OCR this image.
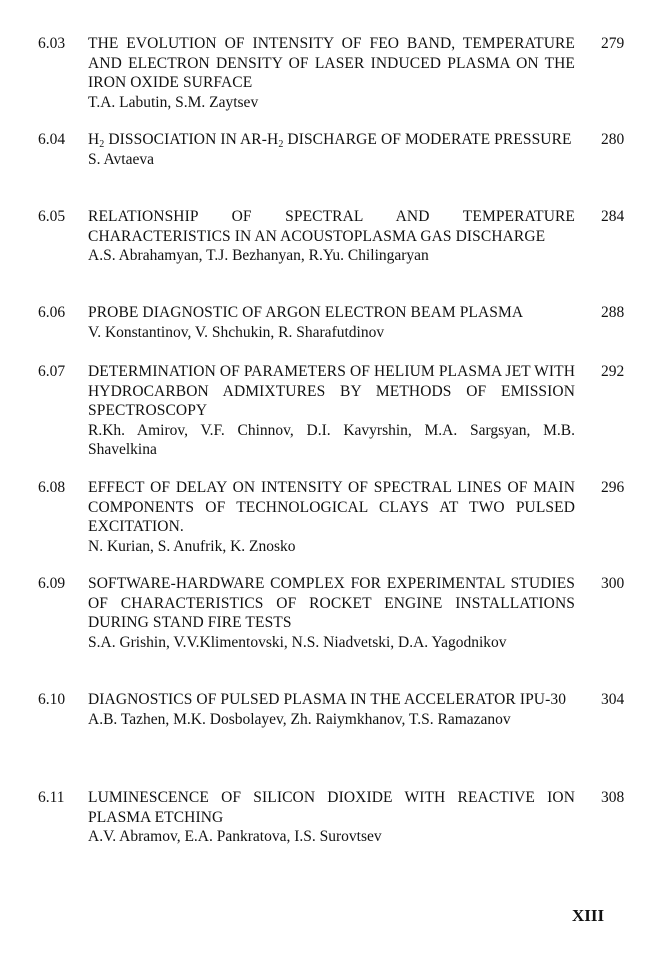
6.03 THE EVOLUTION OF INTENSITY OF FEO BAND, TEMPERATURE AND ELECTRON DENSITY OF LASER INDUCED PLASMA ON THE IRON OXIDE SURFACE
T.A. Labutin, S.M. Zaytsev
279
6.04 $H_2$ DISSOCIATION IN $AR-H_2$ DISCHARGE OF MODERATE PRESSURE
S. Avtaeva
280
6.05 RELATIONSHIP OF SPECTRAL AND TEMPERATURE CHARACTERISTICS IN AN ACOUSTOPLASMA GAS DISCHARGE
A.S. Abrahamyan, T.J. Bezhanyan, R.Yu. Chilingaryan
284
6.06 PROBE DIAGNOSTIC OF ARGON ELECTRON BEAM PLASMA
V. Konstantinov, V. Shchukin, R. Sharafutdinov
288
6.07 DETERMINATION OF PARAMETERS OF HELIUM PLASMA JET WITH HYDROCARBON ADMIXTURES BY METHODS OF EMISSION SPECTROSCOPY
R.Kh. Amirov, V.F. Chinnov, D.I. Kavyrshin, M.A. Sargsyan, M.B. Shavelkina
292
6.08 EFFECT OF DELAY ON INTENSITY OF SPECTRAL LINES OF MAIN COMPONENTS OF TECHNOLOGICAL CLAYS AT TWO PULSED EXCITATION.
N. Kurian, S. Anufrik, K. Znosko
296
6.09 SOFTWARE-HARDWARE COMPLEX FOR EXPERIMENTAL STUDIES OF CHARACTERISTICS OF ROCKET ENGINE INSTALLATIONS DURING STAND FIRE TESTS
S.A. Grishin, V.V.Klimentovski, N.S. Niadvetski, D.A. Yagodnikov
300
6.10 DIAGNOSTICS OF PULSED PLASMA IN THE ACCELERATOR IPU-30
A.B. Tazhen, M.K. Dosbolayev, Zh. Raiymkhanov, T.S. Ramazanov
304
6.11 LUMINESCENCE OF SILICON DIOXIDE WITH REACTIVE ION PLASMA ETCHING
A.V. Abramov, E.A. Pankratova, I.S. Surovtsev
308
XIII
